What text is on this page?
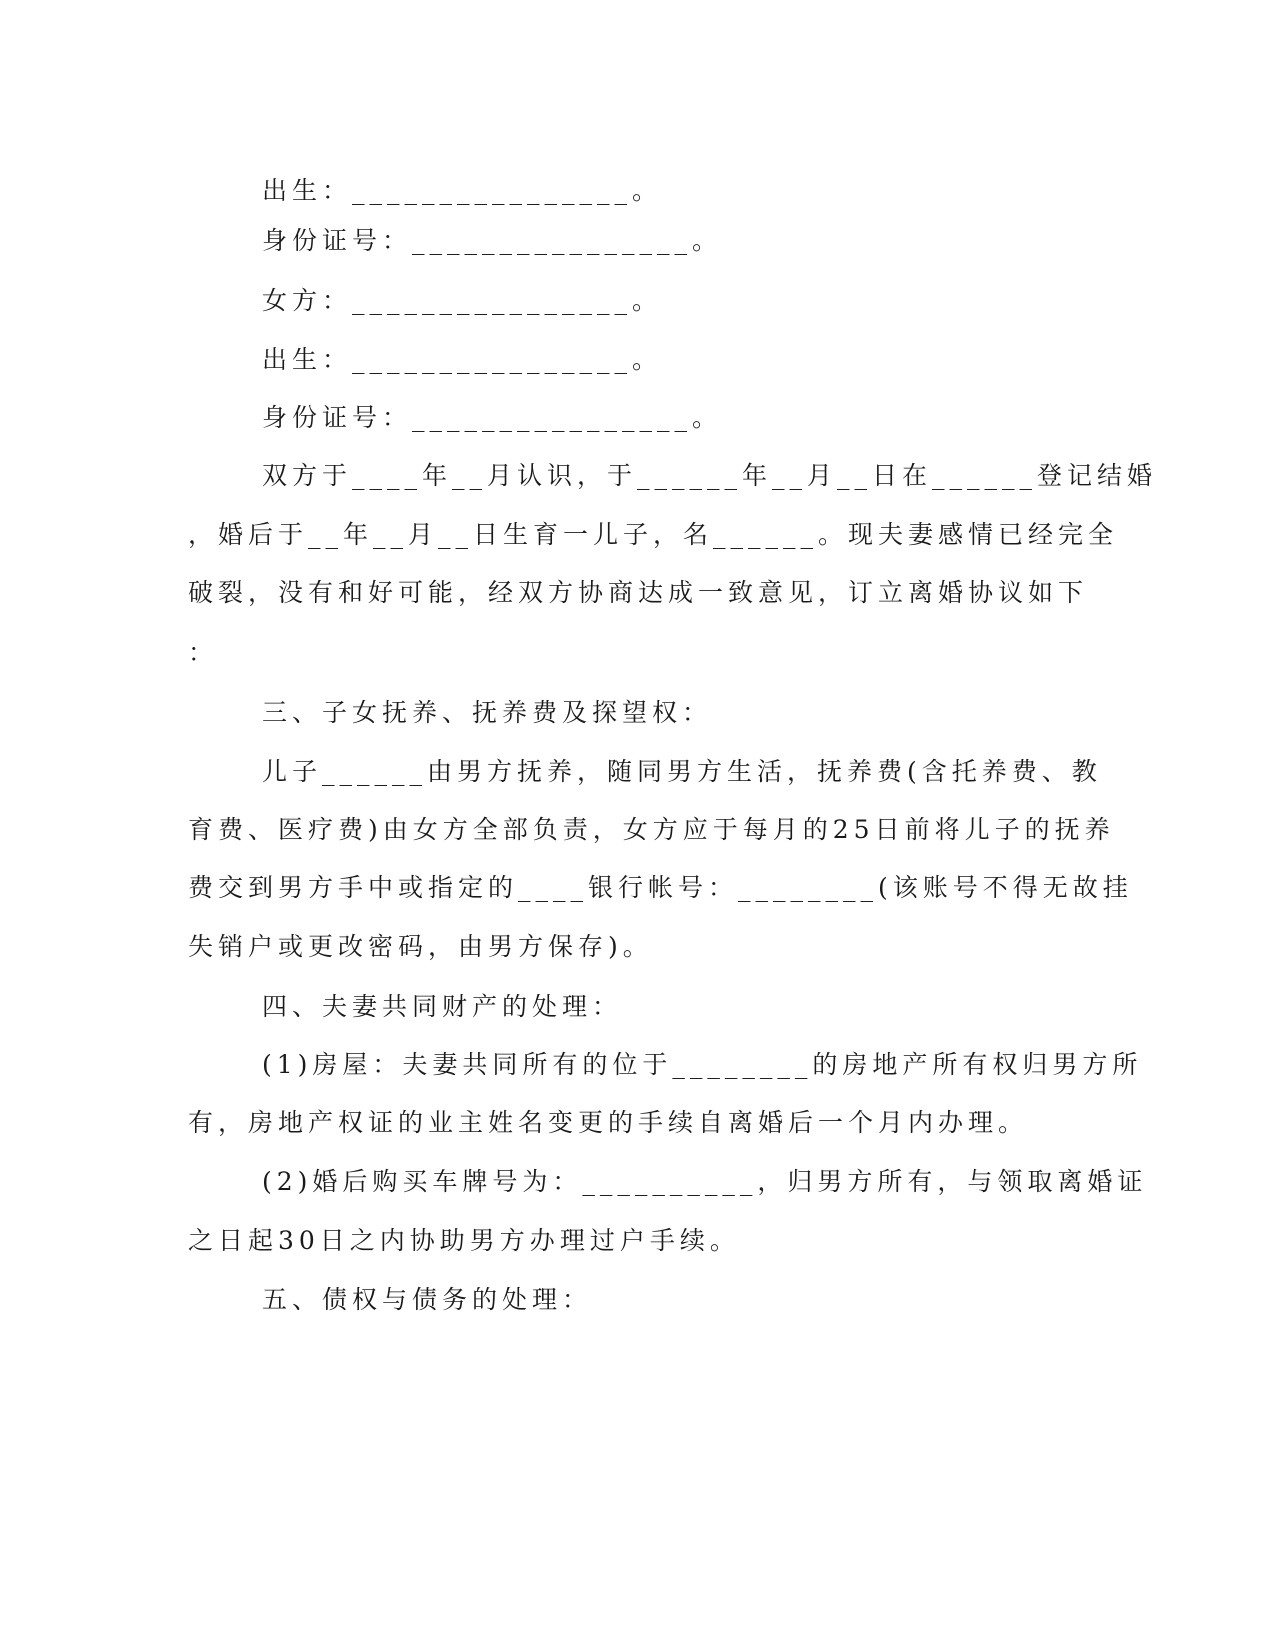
出生：________________。
身份证号：________________。
女方：________________。
出生：________________。
身份证号：________________。
双方于____年__月认识，于______年__月__日在______登记结婚
，婚后于__年__月__日生育一儿子，名______。现夫妻感情已经完全
破裂，没有和好可能，经双方协商达成一致意见，订立离婚协议如下
：
三、子女抚养、抚养费及探望权：
儿子______由男方抚养，随同男方生活，抚养费(含托养费、教
育费、医疗费)由女方全部负责，女方应于每月的25日前将儿子的抚养
费交到男方手中或指定的____银行帐号：________(该账号不得无故挂
失销户或更改密码，由男方保存)。
四、夫妻共同财产的处理：
(1)房屋：夫妻共同所有的位于________的房地产所有权归男方所
有，房地产权证的业主姓名变更的手续自离婚后一个月内办理。
(2)婚后购买车牌号为：__________，归男方所有，与领取离婚证
之日起30日之内协助男方办理过户手续。
五、债权与债务的处理：
